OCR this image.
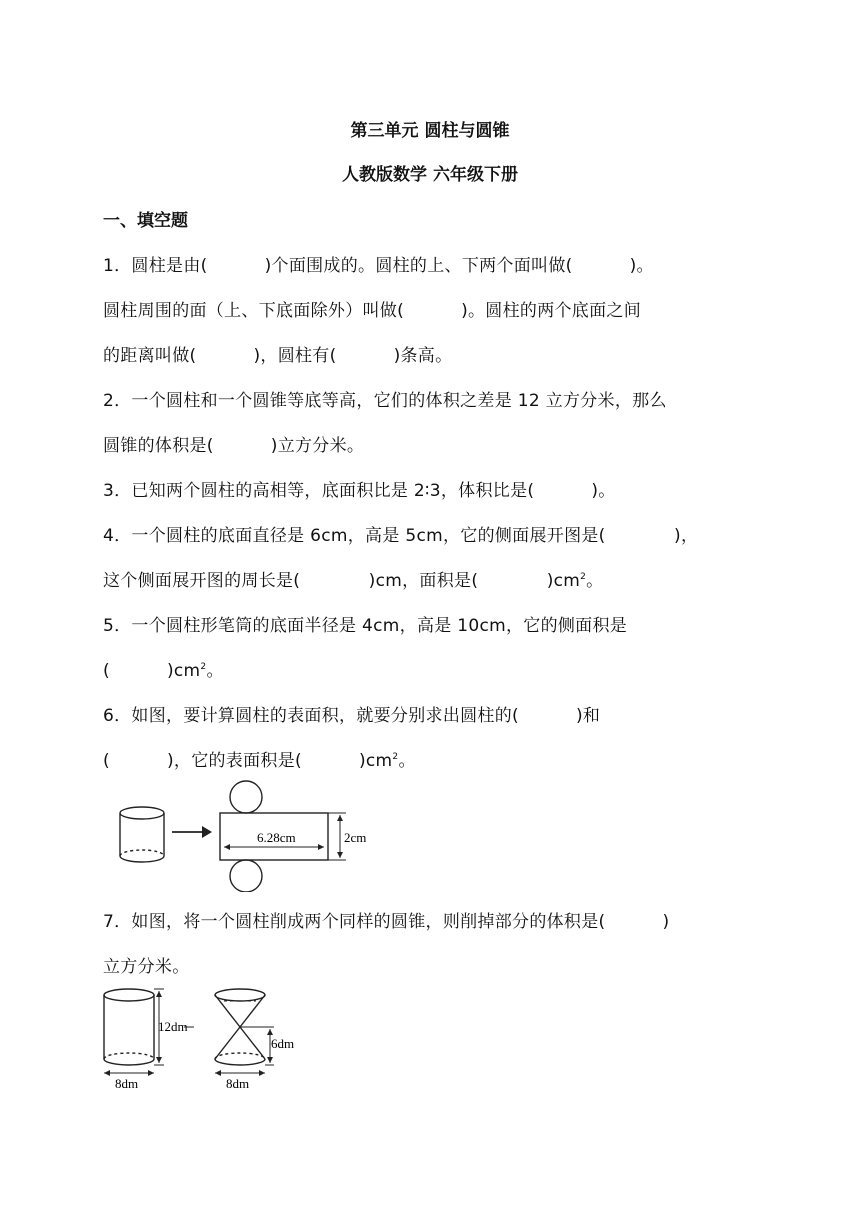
第三单元 圆柱与圆锥
人教版数学 六年级下册
一、填空题
1．圆柱是由(          )个面围成的。圆柱的上、下两个面叫做(          )。
圆柱周围的面（上、下底面除外）叫做(          )。圆柱的两个底面之间
的距离叫做(          )，圆柱有(          )条高。
2．一个圆柱和一个圆锥等底等高，它们的体积之差是 12 立方分米，那么
圆锥的体积是(          )立方分米。
3．已知两个圆柱的高相等，底面积比是 2∶3，体积比是(          )。
4．一个圆柱的底面直径是 6cm，高是 5cm，它的侧面展开图是(            )，
这个侧面展开图的周长是(            )cm，面积是(            )$cm^2$。
5．一个圆柱形笔筒的底面半径是 4cm，高是 10cm，它的侧面积是
(          )$cm^2$。
6．如图，要计算圆柱的表面积，就要分别求出圆柱的(          )和
(          )，它的表面积是(          )$cm^2$。
6.28cm	2cm
7．如图，将一个圆柱削成两个同样的圆锥，则削掉部分的体积是(          )
立方分米。
12dm
8dm
6dm
8dm
